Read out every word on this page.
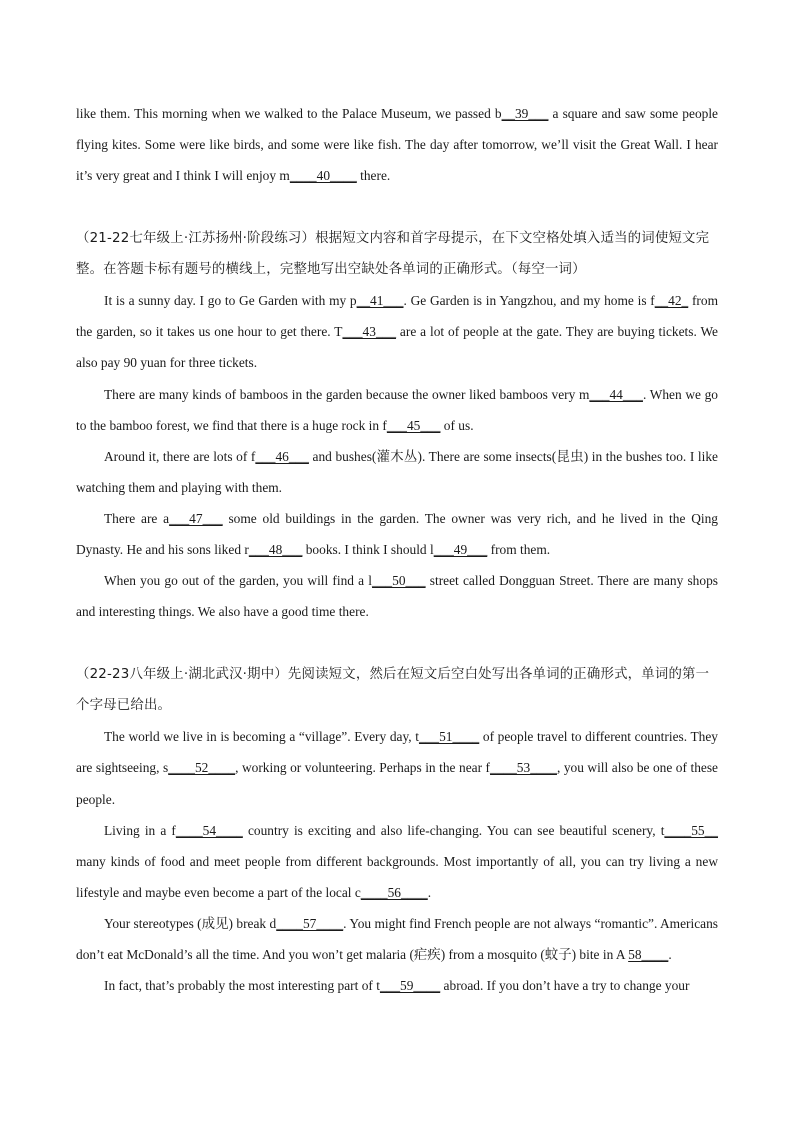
like them. This morning when we walked to the Palace Museum, we passed b__39___ a square and saw some people flying kites. Some were like birds, and some were like fish. The day after tomorrow, we’ll visit the Great Wall. I hear it’s very great and I think I will enjoy m____40____ there.

（21-22七年级上·江苏扬州·阶段练习）根据短文内容和首字母提示，在下文空格处填入适当的词使短文完整。在答题卡标有题号的横线上，完整地写出空缺处各单词的正确形式。（每空一词）

It is a sunny day. I go to Ge Garden with my p__41___. Ge Garden is in Yangzhou, and my home is f__42_ from the garden, so it takes us one hour to get there. T___43___ are a lot of people at the gate. They are buying tickets. We also pay 90 yuan for three tickets.

There are many kinds of bamboos in the garden because the owner liked bamboos very m___44___. When we go to the bamboo forest, we find that there is a huge rock in f___45___ of us.

Around it, there are lots of f___46___ and bushes(灌木丛). There are some insects(昆虫) in the bushes too. I like watching them and playing with them.

There are a___47___ some old buildings in the garden. The owner was very rich, and he lived in the Qing Dynasty. He and his sons liked r___48___ books. I think I should l___49___ from them.

When you go out of the garden, you will find a l___50___ street called Dongguan Street. There are many shops and interesting things. We also have a good time there.

（22-23八年级上·湖北武汉·期中）先阅读短文，然后在短文后空白处写出各单词的正确形式，单词的第一个字母已给出。

The world we live in is becoming a “village”. Every day, t___51____ of people travel to different countries. They are sightseeing, s____52____, working or volunteering. Perhaps in the near f____53____, you will also be one of these people.

Living in a f____54____ country is exciting and also life-changing. You can see beautiful scenery, t____55__ many kinds of food and meet people from different backgrounds. Most importantly of all, you can try living a new lifestyle and maybe even become a part of the local c____56____.

Your stereotypes (成见) break d____57____. You might find French people are not always “romantic”. Americans don’t eat McDonald’s all the time. And you won’t get malaria (疟疾) from a mosquito (蚊子) bite in A 58____.

In fact, that’s probably the most interesting part of t___59____ abroad. If you don’t have a try to change your
